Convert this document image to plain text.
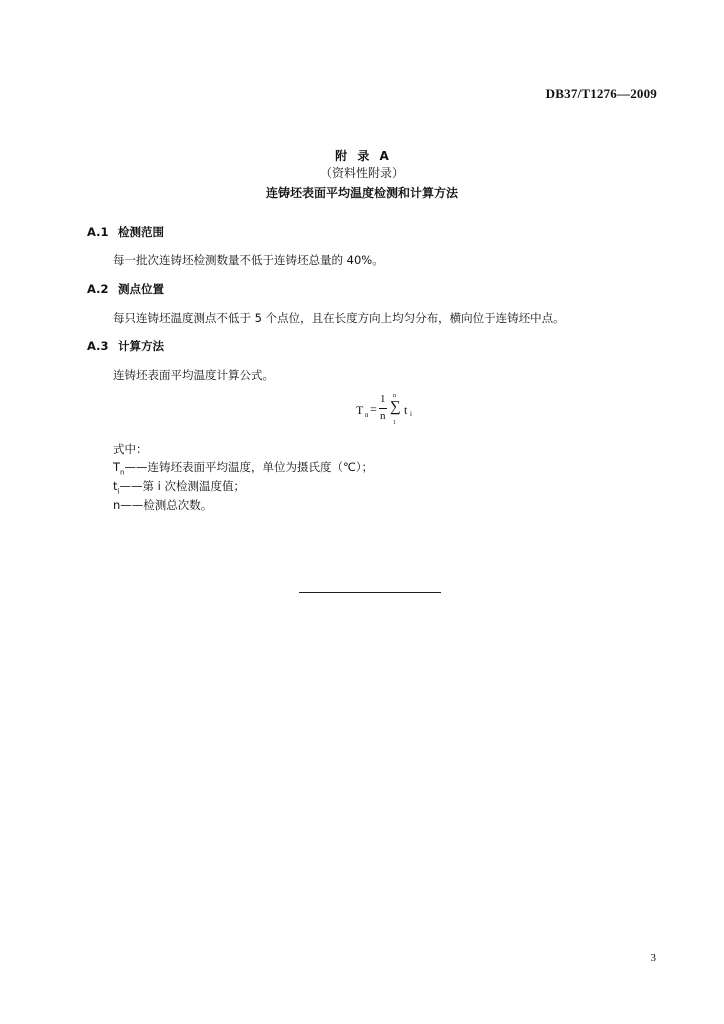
DB37/T1276—2009
附 录 A
（资料性附录）
连铸坯表面平均温度检测和计算方法
A.1 检测范围
每一批次连铸坯检测数量不低于连铸坯总量的 40%。
A.2 测点位置
每只连铸坯温度测点不低于 5 个点位，且在长度方向上均匀分布，横向位于连铸坯中点。
A.3 计算方法
连铸坯表面平均温度计算公式。
T n =
1
n
n
∑
1
t i
式中：
$T_n——$连铸坯表面平均温度，单位为摄氏度（℃）；
$t_i——$第 i 次检测温度值；
n——检测总次数。
3
